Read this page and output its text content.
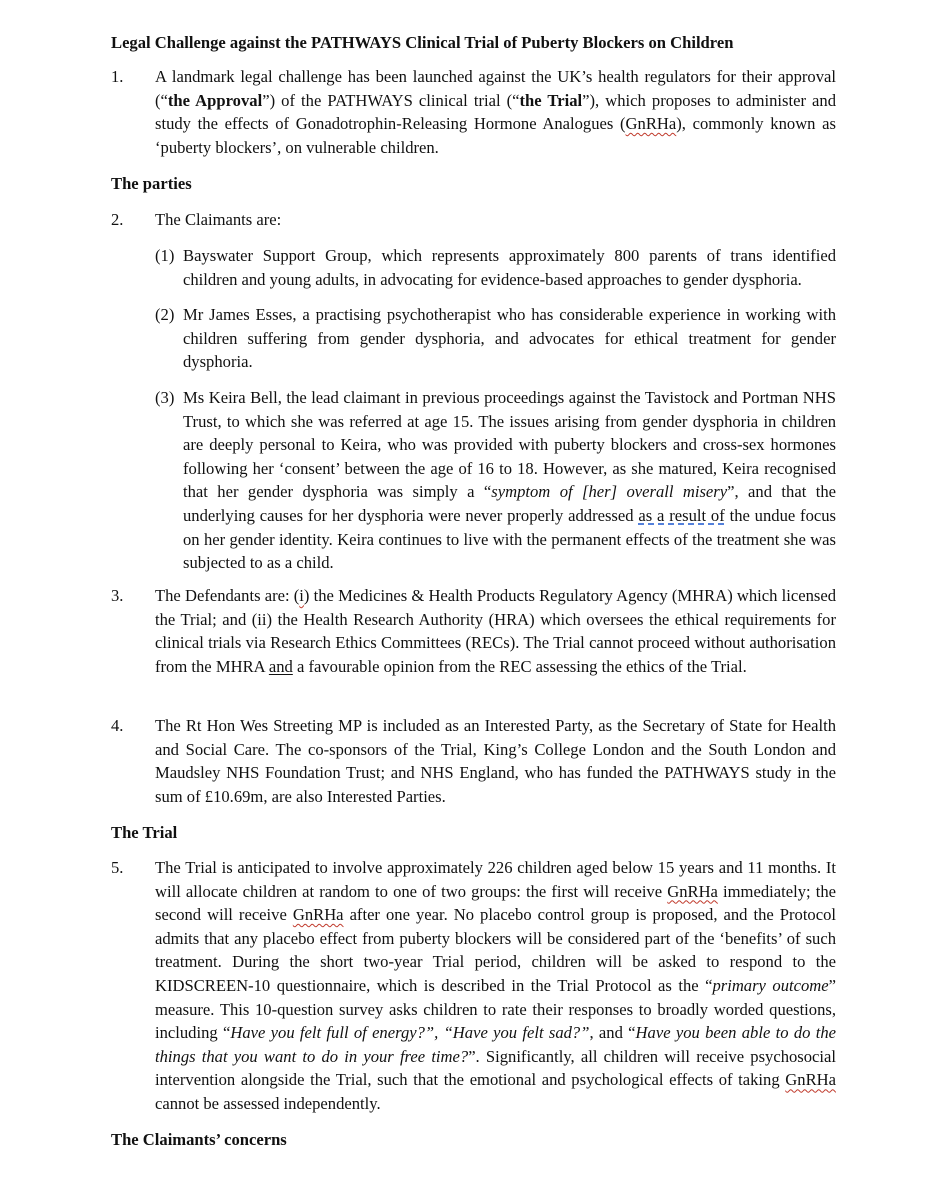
Legal Challenge against the PATHWAYS Clinical Trial of Puberty Blockers on Children
1. A landmark legal challenge has been launched against the UK’s health regulators for their approval (“the Approval”) of the PATHWAYS clinical trial (“the Trial”), which proposes to administer and study the effects of Gonadotrophin-Releasing Hormone Analogues (GnRHa), commonly known as ‘puberty blockers’, on vulnerable children.
The parties
2. The Claimants are:
(1) Bayswater Support Group, which represents approximately 800 parents of trans identified children and young adults, in advocating for evidence-based approaches to gender dysphoria.
(2) Mr James Esses, a practising psychotherapist who has considerable experience in working with children suffering from gender dysphoria, and advocates for ethical treatment for gender dysphoria.
(3) Ms Keira Bell, the lead claimant in previous proceedings against the Tavistock and Portman NHS Trust, to which she was referred at age 15. The issues arising from gender dysphoria in children are deeply personal to Keira, who was provided with puberty blockers and cross-sex hormones following her ‘consent’ between the age of 16 to 18. However, as she matured, Keira recognised that her gender dysphoria was simply a “symptom of [her] overall misery”, and that the underlying causes for her dysphoria were never properly addressed as a result of the undue focus on her gender identity. Keira continues to live with the permanent effects of the treatment she was subjected to as a child.
3. The Defendants are: (i) the Medicines & Health Products Regulatory Agency (MHRA) which licensed the Trial; and (ii) the Health Research Authority (HRA) which oversees the ethical requirements for clinical trials via Research Ethics Committees (RECs). The Trial cannot proceed without authorisation from the MHRA and a favourable opinion from the REC assessing the ethics of the Trial.
4. The Rt Hon Wes Streeting MP is included as an Interested Party, as the Secretary of State for Health and Social Care. The co-sponsors of the Trial, King’s College London and the South London and Maudsley NHS Foundation Trust; and NHS England, who has funded the PATHWAYS study in the sum of £10.69m, are also Interested Parties.
The Trial
5. The Trial is anticipated to involve approximately 226 children aged below 15 years and 11 months. It will allocate children at random to one of two groups: the first will receive GnRHa immediately; the second will receive GnRHa after one year. No placebo control group is proposed, and the Protocol admits that any placebo effect from puberty blockers will be considered part of the ‘benefits’ of such treatment. During the short two-year Trial period, children will be asked to respond to the KIDSCREEN-10 questionnaire, which is described in the Trial Protocol as the “primary outcome” measure. This 10-question survey asks children to rate their responses to broadly worded questions, including “Have you felt full of energy?”, “Have you felt sad?”, and “Have you been able to do the things that you want to do in your free time?”. Significantly, all children will receive psychosocial intervention alongside the Trial, such that the emotional and psychological effects of taking GnRHa cannot be assessed independently.
The Claimants’ concerns
